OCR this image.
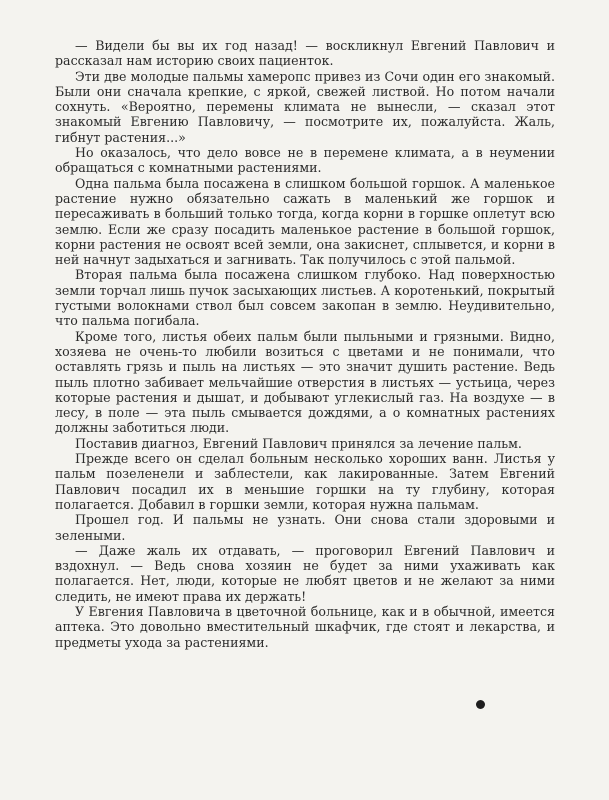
— Видели бы вы их год назад! — воскликнул Евгений Павлович и рассказал нам историю своих пациенток.

Эти две молодые пальмы хамеропс привез из Сочи один его знакомый. Были они сначала крепкие, с яркой, свежей листвой. Но потом начали сохнуть. «Вероятно, перемены климата не вынесли, — сказал этот знакомый Евгению Павловичу, — посмотрите их, пожалуйста. Жаль, гибнут растения...»

Но оказалось, что дело вовсе не в перемене климата, а в неумении обращаться с комнатными растениями.

Одна пальма была посажена в слишком большой горшок. А маленькое растение нужно обязательно сажать в маленький же горшок и пересаживать в больший только тогда, когда корни в горшке оплетут всю землю. Если же сразу посадить маленькое растение в большой горшок, корни растения не освоят всей земли, она закиснет, сплывется, и корни в ней начнут задыхаться и загнивать. Так получилось с этой пальмой.

Вторая пальма была посажена слишком глубоко. Над поверхностью земли торчал лишь пучок засыхающих листьев. А коротенький, покрытый густыми волокнами ствол был совсем закопан в землю. Неудивительно, что пальма погибала.

Кроме того, листья обеих пальм были пыльными и грязными. Видно, хозяева не очень-то любили возиться с цветами и не понимали, что оставлять грязь и пыль на листьях — это значит душить растение. Ведь пыль плотно забивает мельчайшие отверстия в листьях — устьица, через которые растения и дышат, и добывают углекислый газ. На воздухе — в лесу, в поле — эта пыль смывается дождями, а о комнатных растениях должны заботиться люди.

Поставив диагноз, Евгений Павлович принялся за лечение пальм.

Прежде всего он сделал больным несколько хороших ванн. Листья у пальм позеленели и заблестели, как лакированные. Затем Евгений Павлович посадил их в меньшие горшки на ту глубину, которая полагается. Добавил в горшки земли, которая нужна пальмам.

Прошел год. И пальмы не узнать. Они снова стали здоровыми и зелеными.

— Даже жаль их отдавать, — проговорил Евгений Павлович и вздохнул. — Ведь снова хозяин не будет за ними ухаживать как полагается. Нет, люди, которые не любят цветов и не желают за ними следить, не имеют права их держать!

У Евгения Павловича в цветочной больнице, как и в обычной, имеется аптека. Это довольно вместительный шкафчик, где стоят и лекарства, и предметы ухода за растениями.
